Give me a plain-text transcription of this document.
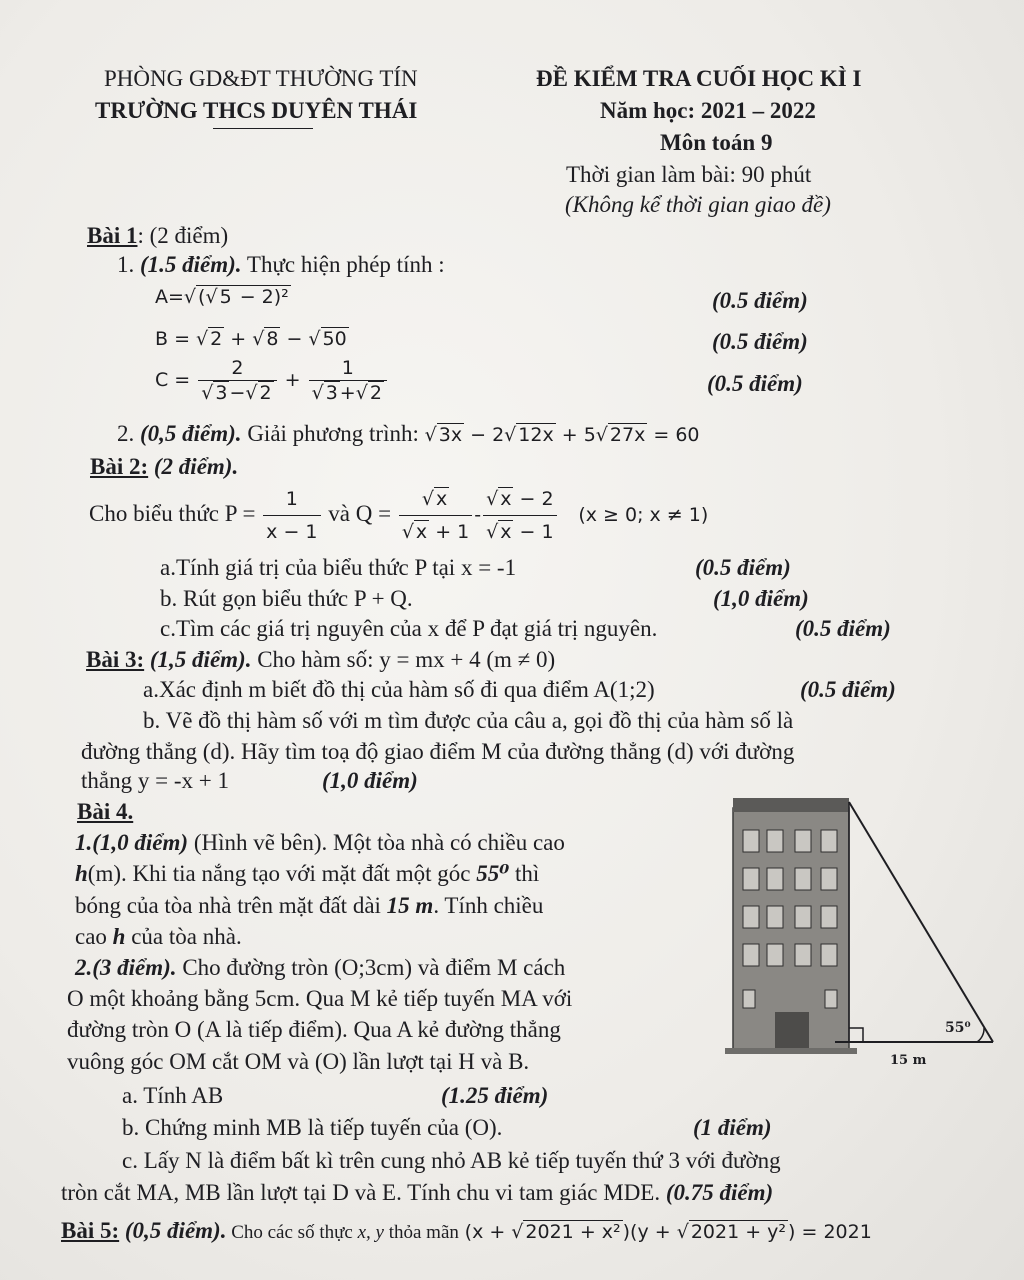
PHÒNG GD&ĐT THƯỜNG TÍN
TRƯỜNG THCS DUYÊN THÁI
ĐỀ KIỂM TRA CUỐI HỌC KÌ I
Năm học: 2021 – 2022
Môn toán 9
Thời gian làm bài: 90 phút
(Không kể thời gian giao đề)
Bài 1: (2 điểm)
1. (1.5 điểm). Thực hiện phép tính :
A=√ (√ 5 − 2)²	(0.5 điểm)
B = √ 2 + √ 8 − √ 50	(0.5 điểm)
$C = \frac{2}{√ 3 -√ 2} + \frac{1}{√ 3 +√ 2}$	(0.5 điểm)
2. (0,5 điểm). Giải phương trình: √ 3x − 2√ 12x + 5√ 27x = 60
Bài 2: (2 điểm).
Cho biểu thức $P = \frac{1}{x - 1}$ và $Q = \frac{√ x}{√ x + 1} - \frac{√ x - 2}{√ x - 1} (x \ge 0$; x ≠ 1)
a.Tính giá trị của biểu thức P tại x = -1	(0.5 điểm)
b. Rút gọn biểu thức P + Q.	(1,0 điểm)
c.Tìm các giá trị nguyên của x để P đạt giá trị nguyên.	(0.5 điểm)
Bài 3: (1,5 điểm). Cho hàm số: y = mx + 4 (m ≠ 0)
a.Xác định m biết đồ thị của hàm số đi qua điểm A(1;2)	(0.5 điểm)
b. Vẽ đồ thị hàm số với m tìm được của câu a, gọi đồ thị của hàm số là
đường thẳng (d). Hãy tìm toạ độ giao điểm M của đường thẳng (d) với đường
thẳng y = -x + 1	(1,0 điểm)
Bài 4.
1.(1,0 điểm) (Hình vẽ bên). Một tòa nhà có chiều cao
h(m). Khi tia nắng tạo với mặt đất một góc 55⁰ thì
bóng của tòa nhà trên mặt đất dài 15 m. Tính chiều
cao h của tòa nhà.
2.(3 điểm). Cho đường tròn (O;3cm) và điểm M cách
O một khoảng bằng 5cm. Qua M kẻ tiếp tuyến MA với
đường tròn O (A là tiếp điểm). Qua A kẻ đường thẳng
vuông góc OM cắt OM và (O) lần lượt tại H và B.
a. Tính AB	(1.25 điểm)
b. Chứng minh MB là tiếp tuyến của (O).	(1 điểm)
c. Lấy N là điểm bất kì trên cung nhỏ AB kẻ tiếp tuyến thứ 3 với đường
tròn cắt MA, MB lần lượt tại D và E. Tính chu vi tam giác MDE. (0.75 điểm)
55⁰
15 m
Bài 5: (0,5 điểm). Cho các số thực x, y thỏa mãn (x + √ 2021 + x² )(y + √ 2021 + y² ) = 2021
